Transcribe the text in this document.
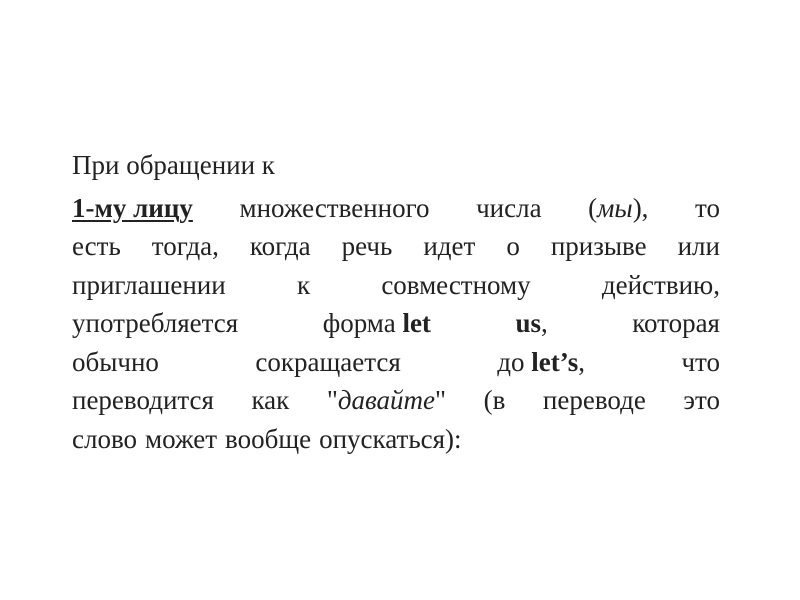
При обращении к

1-му лицу множественного числа (мы), то
есть тогда, когда речь идет о призыве или
приглашении	к	совместному	действию,
употребляется	форма let	us,	которая
обычно	сокращается	до let’s,	что
переводится как "давайте" (в переводе это
слово может вообще опускаться):
